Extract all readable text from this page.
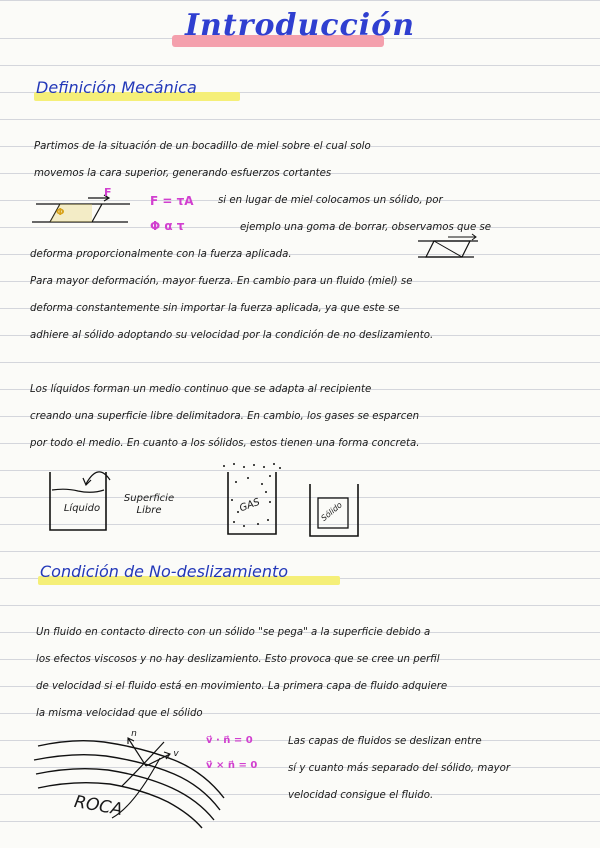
Introducción
Definición Mecánica
Partimos de la situación de un bocadillo de miel sobre el cual solo
movemos la cara superior, generando esfuerzos cortantes
F
Φ
F = τA
Φ α τ
si en lugar de miel colocamos un sólido, por
ejemplo una goma de borrar, observamos que se
deforma proporcionalmente con la fuerza aplicada.
Para mayor deformación, mayor fuerza. En cambio para un fluido (miel) se
deforma constantemente sin importar la fuerza aplicada, ya que este se
adhiere al sólido adoptando su velocidad por la condición de no deslizamiento.
Los líquidos forman un medio continuo que se adapta al recipiente
creando una superficie libre delimitadora. En cambio, los gases se esparcen
por todo el medio. En cuanto a los sólidos, estos tienen una forma concreta.
Líquido
Superficie
Libre	GAS	Sólido
Condición de No-deslizamiento
Un fluido en contacto directo con un sólido "se pega" a la superficie debido a
los efectos viscosos y no hay deslizamiento. Esto provoca que se cree un perfil
de velocidad si el fluido está en movimiento. La primera capa de fluido adquiere
la misma velocidad que el sólido
n
v
ROCA
v⃗ · n⃗ = 0
v⃗ × n⃗ = 0
Las capas de fluidos se deslizan entre
sí y cuanto más separado del sólido, mayor
velocidad consigue el fluido.
